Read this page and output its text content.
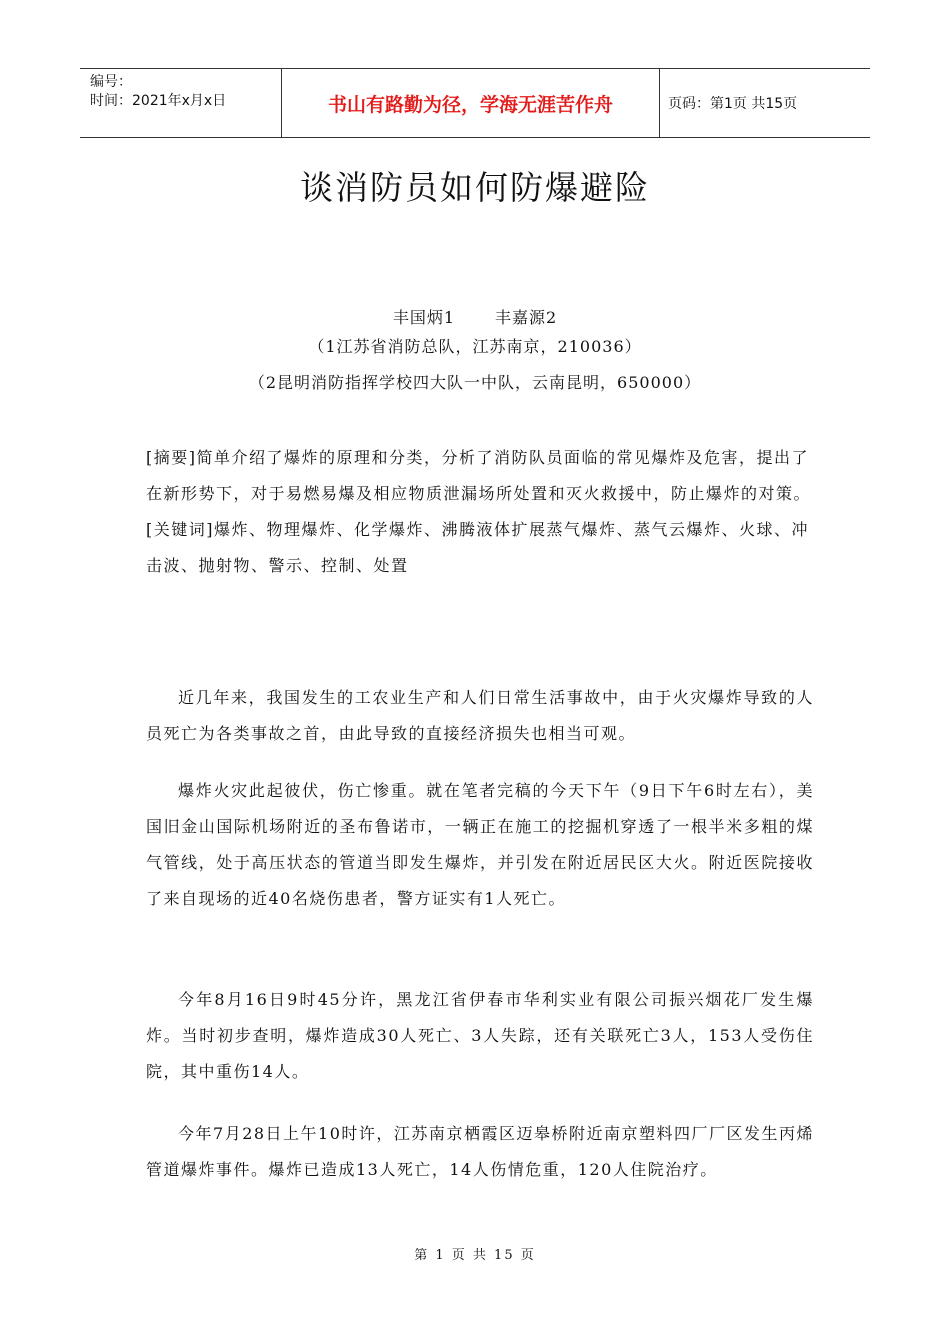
编号：
时间：2021年x月x日	书山有路勤为径，学海无涯苦作舟	页码：第1页 共15页
谈消防员如何防爆避险
丰国炳1	丰嘉源2
（1江苏省消防总队，江苏南京，210036）
（2昆明消防指挥学校四大队一中队，云南昆明，650000）

[摘要]简单介绍了爆炸的原理和分类，分析了消防队员面临的常见爆炸及危害，提出了在新形势下，对于易燃易爆及相应物质泄漏场所处置和灭火救援中，防止爆炸的对策。

[关键词]爆炸、物理爆炸、化学爆炸、沸腾液体扩展蒸气爆炸、蒸气云爆炸、火球、冲击波、抛射物、警示、控制、处置

近几年来，我国发生的工农业生产和人们日常生活事故中，由于火灾爆炸导致的人员死亡为各类事故之首，由此导致的直接经济损失也相当可观。

爆炸火灾此起彼伏，伤亡惨重。就在笔者完稿的今天下午（9日下午6时左右），美国旧金山国际机场附近的圣布鲁诺市，一辆正在施工的挖掘机穿透了一根半米多粗的煤气管线，处于高压状态的管道当即发生爆炸，并引发在附近居民区大火。附近医院接收了来自现场的近40名烧伤患者，警方证实有1人死亡。

今年8月16日9时45分许，黑龙江省伊春市华利实业有限公司振兴烟花厂发生爆炸。当时初步查明，爆炸造成30人死亡、3人失踪，还有关联死亡3人，153人受伤住院，其中重伤14人。

今年7月28日上午10时许，江苏南京栖霞区迈皋桥附近南京塑料四厂厂区发生丙烯管道爆炸事件。爆炸已造成13人死亡，14人伤情危重，120人住院治疗。

第 1 页 共 15 页
